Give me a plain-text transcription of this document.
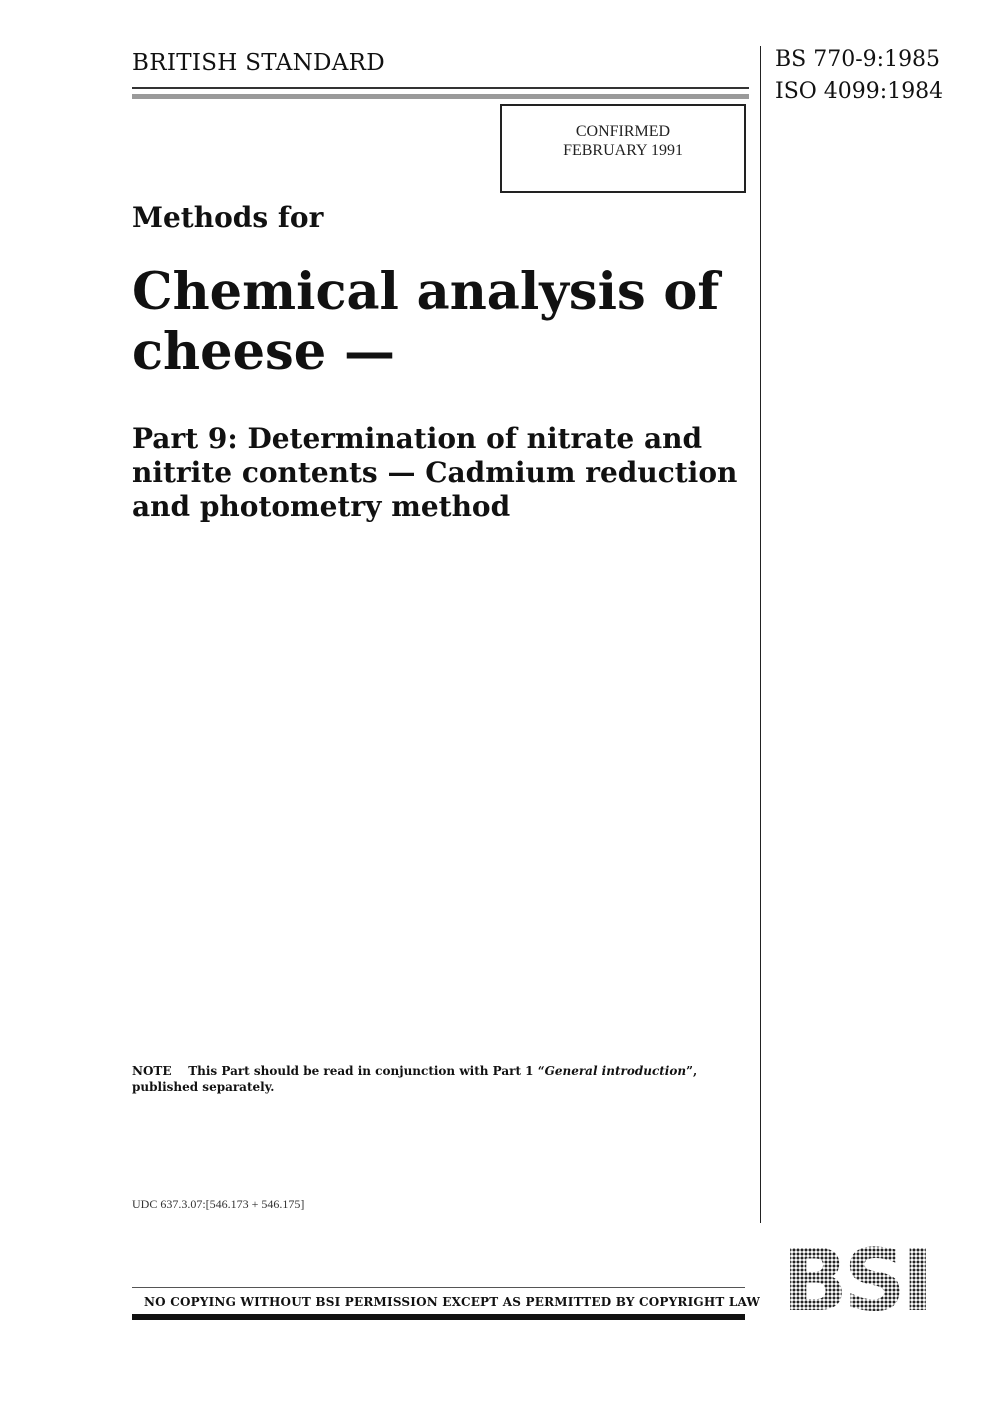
BRITISH STANDARD	BS 770-9:1985
ISO 4099:1984
CONFIRMED
FEBRUARY 1991
Methods for
Chemical analysis of cheese —
Part 9: Determination of nitrate and nitrite contents — Cadmium reduction and photometry method
NOTE This Part should be read in conjunction with Part 1 “General introduction”, published separately.
UDC 637.3.07:[546.173 + 546.175]
NO COPYING WITHOUT BSI PERMISSION EXCEPT AS PERMITTED BY COPYRIGHT LAW BSI
